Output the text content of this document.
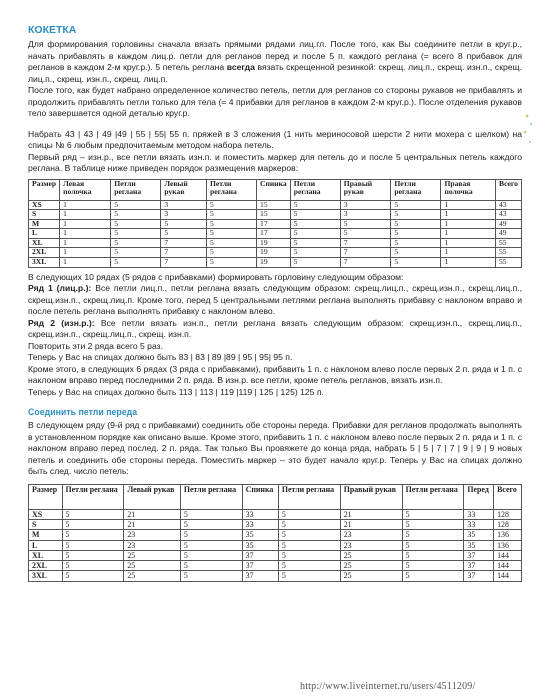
КОКЕТКА

Для формирования горловины сначала вязать прямыми рядами лиц.гл. После того, как Вы соедините петли в круг.р., начать прибавлять в каждом лиц.р. петли для регланов перед и после 5 п. каждого реглана (= всего 8 прибавок для регланов в каждом 2-м круг.р.). 5 петель реглана всегда вязать скрещенной резинкой: скрещ. лиц.п., скрещ. изн.п., скрещ. лиц.п., скрещ. изн.п., скрещ. лиц.п.

После того, как будет набрано определенное количество петель, петли для регланов со стороны рукавов не прибавлять и продолжить прибавлять петли только для тела (= 4 прибавки для регланов в каждом 2-м круг.р.). После отделения рукавов тело завершается одной деталью круг.р.

Набрать 43 | 43 | 49 |49 | 55 | 55| 55 п. пряжей в 3 сложения (1 нить мериносовой шерсти 2 нити мохера с шелком) на спицы № 6 любым предпочитаемым методом набора петель.

Первый ряд – изн.р., все петли вязать изн.п. и поместить маркер для петель до и после 5 центральных петель каждого реглана. В таблице ниже приведен порядок размещения маркеров:

Размер	Левая полочка	Петли реглана	Левый рукав	Петли реглана	Спинка	Петли реглана	Правый рукав	Петли реглана	Правая полочка	Всего
XS	1	5	3	5	15	5	3	5	1	43
S	1	5	3	5	15	5	3	5	1	43
M	1	5	5	5	17	5	5	5	1	49
L	1	5	5	5	17	5	5	5	1	49
XL	1	5	7	5	19	5	7	5	1	55
2XL	1	5	7	5	19	5	7	5	1	55
3XL	1	5	7	5	19	5	7	5	1	55

В следующих 10 рядах (5 рядов с прибавками) формировать горловину следующим образом:

Ряд 1 (лиц.р.): Все петли лиц.п., петли реглана вязать следующим образом: скрещ.лиц.п., скрещ.изн.п., скрещ.лиц.п., скрещ.изн.п., скрещ.лиц.п. Кроме того, перед 5 центральными петлями реглана выполнять прибавку с наклоном вправо и после петель реглана выполнять прибавку с наклоном влево.

Ряд 2 (изн.р.): Все петли вязать изн.п., петли реглана вязать следующим образом: скрещ.изн.п., скрещ.лиц.п., скрещ.изн.п., скрещ.лиц.п., скрещ. изн.п.

Повторить эти 2 ряда всего 5 раз.

Теперь у Вас на спицах должно быть 83 | 83 | 89 |89 | 95 | 95| 95 п.

Кроме этого, в следующих 6 рядах (3 ряда с прибавками), прибавить 1 п. с наклоном влево после первых 2 п. ряда и 1 п. с наклоном вправо перед последними 2 п. ряда. В изн.р. все петли, кроме петель регланов, вязать изн.п.

Теперь у Вас на спицах должно быть 113 | 113 | 119 |119 | 125 | 125) 125 п.

Соединить петли переда

В следующем ряду (9-й ряд с прибавками) соединить обе стороны переда. Прибавки для регланов продолжать выполнять в установленном порядке как описано выше. Кроме этого, прибавить 1 п. с наклоном влево после первых 2 п. ряда и 1 п. с наклоном вправо перед послед. 2 п. ряда. Так только Вы провяжете до конца ряда, набрать 5 | 5 | 7 | 7 | 9 | 9 | 9 новых петель и соединить обе стороны переда. Поместить маркер – это будет начало круг.р. Теперь у Вас на спицах должно быть след. число петель:

Размер	Петли реглана	Левый рукав	Петли реглана	Спинка	Петли реглана	Правый рукав	Петли реглана	Перед	Всего
XS	5	21	5	33	5	21	5	33	128
S	5	21	5	33	5	21	5	33	128
M	5	23	5	35	5	23	5	35	136
L	5	23	5	35	5	23	5	35	136
XL	5	25	5	37	5	25	5	37	144
2XL	5	25	5	37	5	25	5	37	144
3XL	5	25	5	37	5	25	5	37	144
http://www.liveinternet.ru/users/4511209/
